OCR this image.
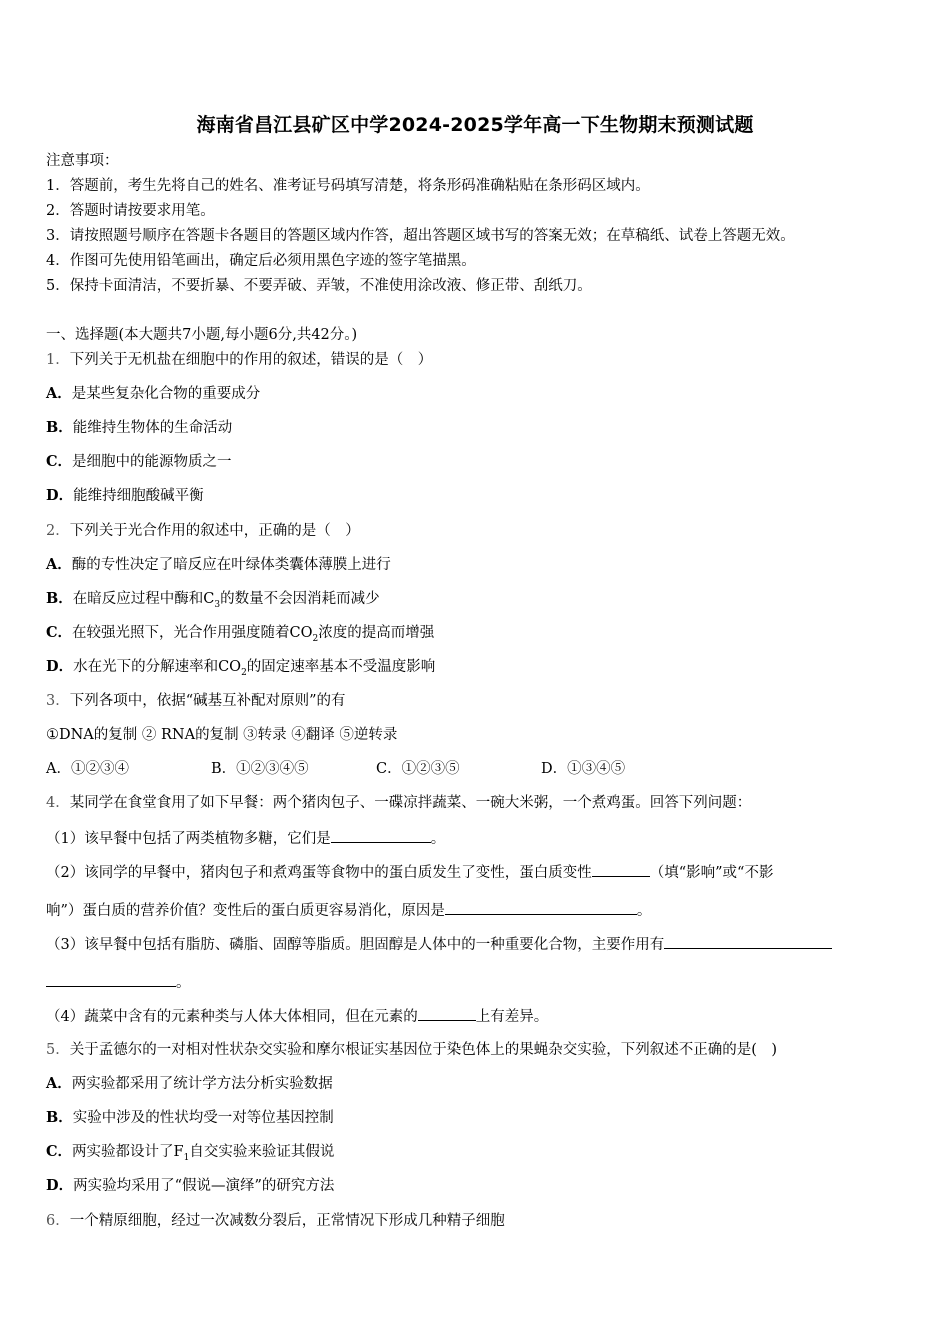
海南省昌江县矿区中学2024-2025学年高一下生物期末预测试题
注意事项：
1．答题前，考生先将自己的姓名、准考证号码填写清楚，将条形码准确粘贴在条形码区域内。
2．答题时请按要求用笔。
3．请按照题号顺序在答题卡各题目的答题区域内作答，超出答题区域书写的答案无效；在草稿纸、试卷上答题无效。
4．作图可先使用铅笔画出，确定后必须用黑色字迹的签字笔描黑。
5．保持卡面清洁，不要折暴、不要弄破、弄皱，不准使用涂改液、修正带、刮纸刀。
一、选择题(本大题共7小题,每小题6分,共42分。)
1．下列关于无机盐在细胞中的作用的叙述，错误的是（　）
A．是某些复杂化合物的重要成分
B．能维持生物体的生命活动
C．是细胞中的能源物质之一
D．能维持细胞酸碱平衡
2．下列关于光合作用的叙述中，正确的是（　）
A．酶的专性决定了暗反应在叶绿体类囊体薄膜上进行
B．在暗反应过程中酶和$C_3$的数量不会因消耗而减少
C．在较强光照下，光合作用强度随着$CO_2$浓度的提高而增强
D．水在光下的分解速率和$CO_2$的固定速率基本不受温度影响
3．下列各项中，依据“碱基互补配对原则”的有
①DNA的复制 ② RNA的复制 ③转录 ④翻译 ⑤逆转录
A．①②③④	B．①②③④⑤	C．①②③⑤	D．①③④⑤
4．某同学在食堂食用了如下早餐：两个猪肉包子、一碟凉拌蔬菜、一碗大米粥，一个煮鸡蛋。回答下列问题：
（1）该早餐中包括了两类植物多糖，它们是	。
（2）该同学的早餐中，猪肉包子和煮鸡蛋等食物中的蛋白质发生了变性，蛋白质变性	（填“影响”或“不影
响”）蛋白质的营养价值？变性后的蛋白质更容易消化，原因是	。
（3）该早餐中包括有脂肪、磷脂、固醇等脂质。胆固醇是人体中的一种重要化合物，主要作用有
。
（4）蔬菜中含有的元素种类与人体大体相同，但在元素的	上有差异。
5．关于孟德尔的一对相对性状杂交实验和摩尔根证实基因位于染色体上的果蝇杂交实验，下列叙述不正确的是(　)
A．两实验都采用了统计学方法分析实验数据
B．实验中涉及的性状均受一对等位基因控制
C．两实验都设计了$F_1$自交实验来验证其假说
D．两实验均采用了“假说—演绎”的研究方法
6．一个精原细胞，经过一次减数分裂后，正常情况下形成几种精子细胞
